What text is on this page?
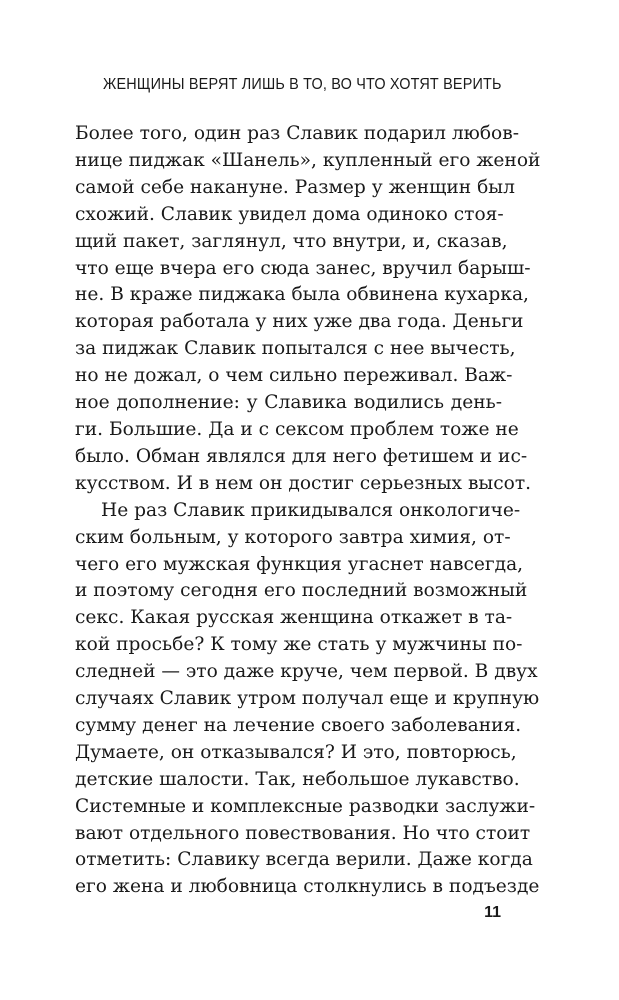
ЖЕНЩИНЫ ВЕРЯТ ЛИШЬ В ТО, ВО ЧТО ХОТЯТ ВЕРИТЬ
Более того, один раз Славик подарил любов-
нице пиджак «Шанель», купленный его женой
самой себе накануне. Размер у женщин был
схожий. Славик увидел дома одиноко стоя-
щий пакет, заглянул, что внутри, и, сказав,
что еще вчера его сюда занес, вручил барыш-
не. В краже пиджака была обвинена кухарка,
которая работала у них уже два года. Деньги
за пиджак Славик попытался с нее вычесть,
но не дожал, о чем сильно переживал. Важ-
ное дополнение: у Славика водились день-
ги. Большие. Да и с сексом проблем тоже не
было. Обман являлся для него фетишем и ис-
кусством. И в нем он достиг серьезных высот.
Не раз Славик прикидывался онкологиче-
ским больным, у которого завтра химия, от-
чего его мужская функция угаснет навсегда,
и поэтому сегодня его последний возможный
секс. Какая русская женщина откажет в та-
кой просьбе? К тому же стать у мужчины по-
следней — это даже круче, чем первой. В двух
случаях Славик утром получал еще и крупную
сумму денег на лечение своего заболевания.
Думаете, он отказывался? И это, повторюсь,
детские шалости. Так, небольшое лукавство.
Системные и комплексные разводки заслужи-
вают отдельного повествования. Но что стоит
отметить: Славику всегда верили. Даже когда
его жена и любовница столкнулись в подъезде
11
